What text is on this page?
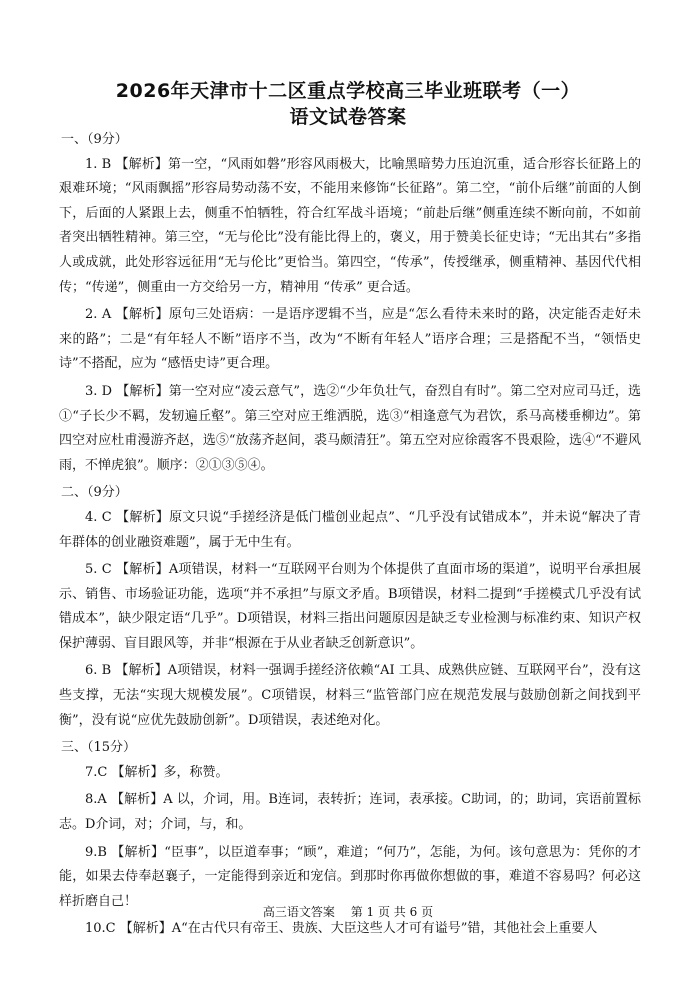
2026年天津市十二区重点学校高三毕业班联考（一）
语文试卷答案
一、（9分）

1. B 【解析】第一空，“风雨如磐”形容风雨极大，比喻黑暗势力压迫沉重，适合形容长征路上的艰难环境；“风雨飘摇”形容局势动荡不安，不能用来修饰“长征路”。第二空，“前仆后继”前面的人倒下，后面的人紧跟上去，侧重不怕牺牲，符合红军战斗语境；“前赴后继”侧重连续不断向前，不如前者突出牺牲精神。第三空，“无与伦比”没有能比得上的，褒义，用于赞美长征史诗；“无出其右”多指人或成就，此处形容远征用“无与伦比”更恰当。第四空，“传承”，传授继承，侧重精神、基因代代相传；“传递”，侧重由一方交给另一方，精神用 “传承” 更合适。

2. A 【解析】原句三处语病：一是语序逻辑不当，应是“怎么看待未来时的路，决定能否走好未来的路”；二是“有年轻人不断”语序不当，改为“不断有年轻人”语序合理；三是搭配不当，“领悟史诗”不搭配，应为 “感悟史诗”更合理。

3. D 【解析】第一空对应“凌云意气”，选②“少年负壮气，奋烈自有时”。第二空对应司马迁，选①“子长少不羁，发轫遍丘壑”。第三空对应王维洒脱，选③“相逢意气为君饮，系马高楼垂柳边”。第四空对应杜甫漫游齐赵，选⑤“放荡齐赵间，裘马颇清狂”。第五空对应徐霞客不畏艰险，选④“不避风雨，不惮虎狼”。顺序：②①③⑤④。

二、（9分）

4. C 【解析】原文只说“手搓经济是低门槛创业起点”、“几乎没有试错成本”，并未说“解决了青年群体的创业融资难题”，属于无中生有。

5. C 【解析】A项错误，材料一“互联网平台则为个体提供了直面市场的渠道”，说明平台承担展示、销售、市场验证功能，选项“并不承担”与原文矛盾。B项错误，材料二提到“手搓模式几乎没有试错成本”，缺少限定语“几乎”。D项错误，材料三指出问题原因是缺乏专业检测与标准约束、知识产权保护薄弱、盲目跟风等，并非“根源在于从业者缺乏创新意识”。

6. B 【解析】A项错误，材料一强调手搓经济依赖“AI 工具、成熟供应链、互联网平台”，没有这些支撑，无法“实现大规模发展”。C项错误，材料三“监管部门应在规范发展与鼓励创新之间找到平衡”，没有说“应优先鼓励创新”。D项错误，表述绝对化。

三、（15分）

7.C 【解析】多，称赞。

8.A 【解析】A 以，介词，用。B连词，表转折；连词，表承接。C助词，的；助词，宾语前置标志。D介词，对；介词，与，和。

9.B 【解析】“臣事”，以臣道奉事；“顾”，难道；“何乃”，怎能，为何。该句意思为：凭你的才能，如果去侍奉赵襄子，一定能得到亲近和宠信。到那时你再做你想做的事，难道不容易吗？何必这样折磨自己！

10.C 【解析】A“在古代只有帝王、贵族、大臣这些人才可有谥号”错，其他社会上重要人

高三语文答案　 第 1 页 共 6 页
